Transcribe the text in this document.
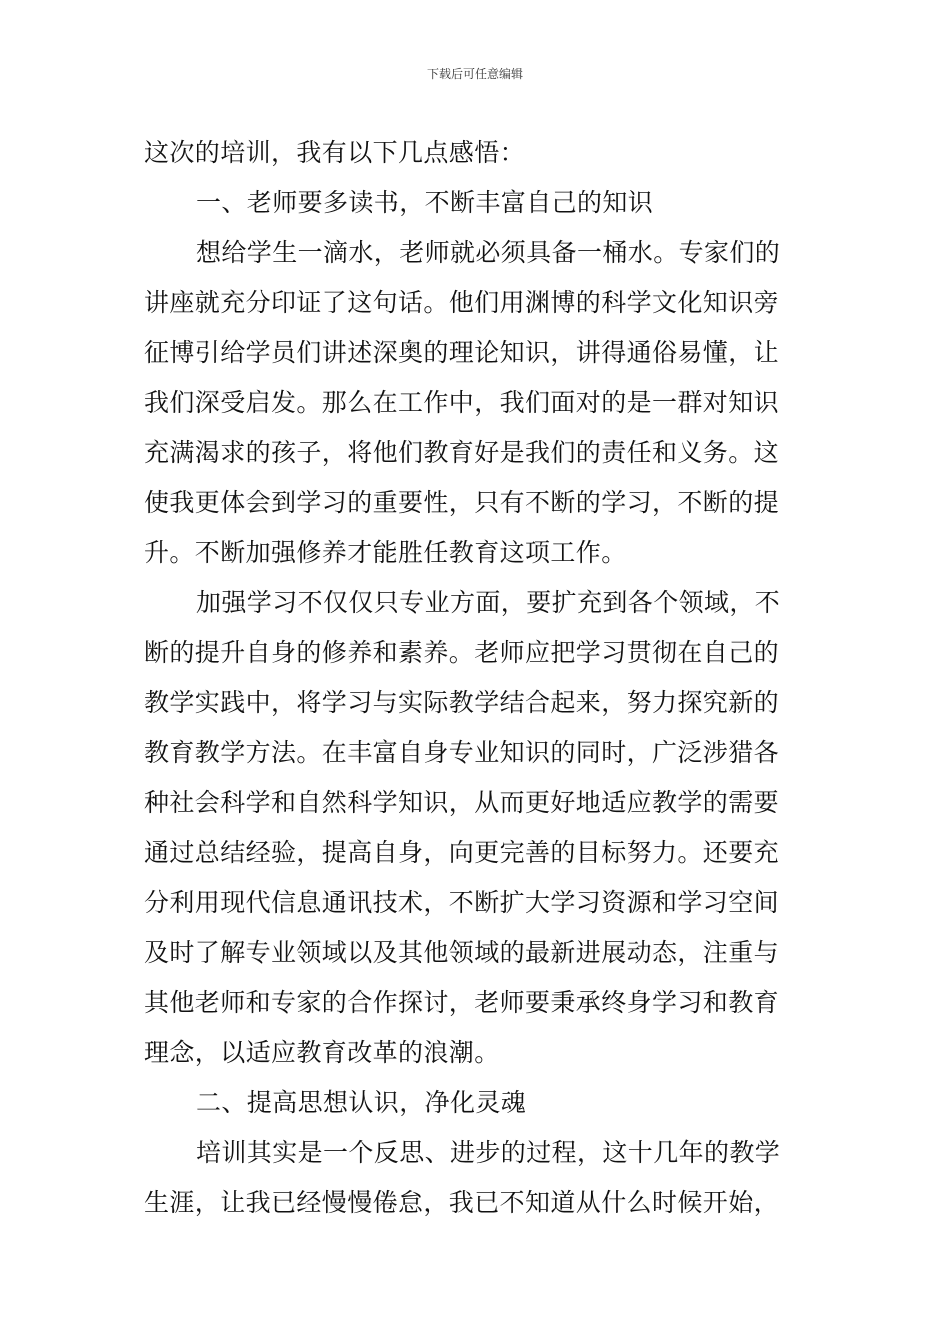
下载后可任意编辑
这次的培训，我有以下几点感悟：
一、老师要多读书，不断丰富自己的知识
想给学生一滴水，老师就必须具备一桶水。专家们的
讲座就充分印证了这句话。他们用渊博的科学文化知识旁
征博引给学员们讲述深奥的理论知识，讲得通俗易懂，让
我们深受启发。那么在工作中，我们面对的是一群对知识
充满渴求的孩子，将他们教育好是我们的责任和义务。这
使我更体会到学习的重要性，只有不断的学习，不断的提
升。不断加强修养才能胜任教育这项工作。
加强学习不仅仅只专业方面，要扩充到各个领域，不
断的提升自身的修养和素养。老师应把学习贯彻在自己的
教学实践中，将学习与实际教学结合起来，努力探究新的
教育教学方法。在丰富自身专业知识的同时，广泛涉猎各
种社会科学和自然科学知识，从而更好地适应教学的需要
通过总结经验，提高自身，向更完善的目标努力。还要充
分利用现代信息通讯技术，不断扩大学习资源和学习空间
及时了解专业领域以及其他领域的最新进展动态，注重与
其他老师和专家的合作探讨，老师要秉承终身学习和教育
理念，以适应教育改革的浪潮。
二、提高思想认识，净化灵魂
培训其实是一个反思、进步的过程，这十几年的教学
生涯，让我已经慢慢倦怠，我已不知道从什么时候开始，
